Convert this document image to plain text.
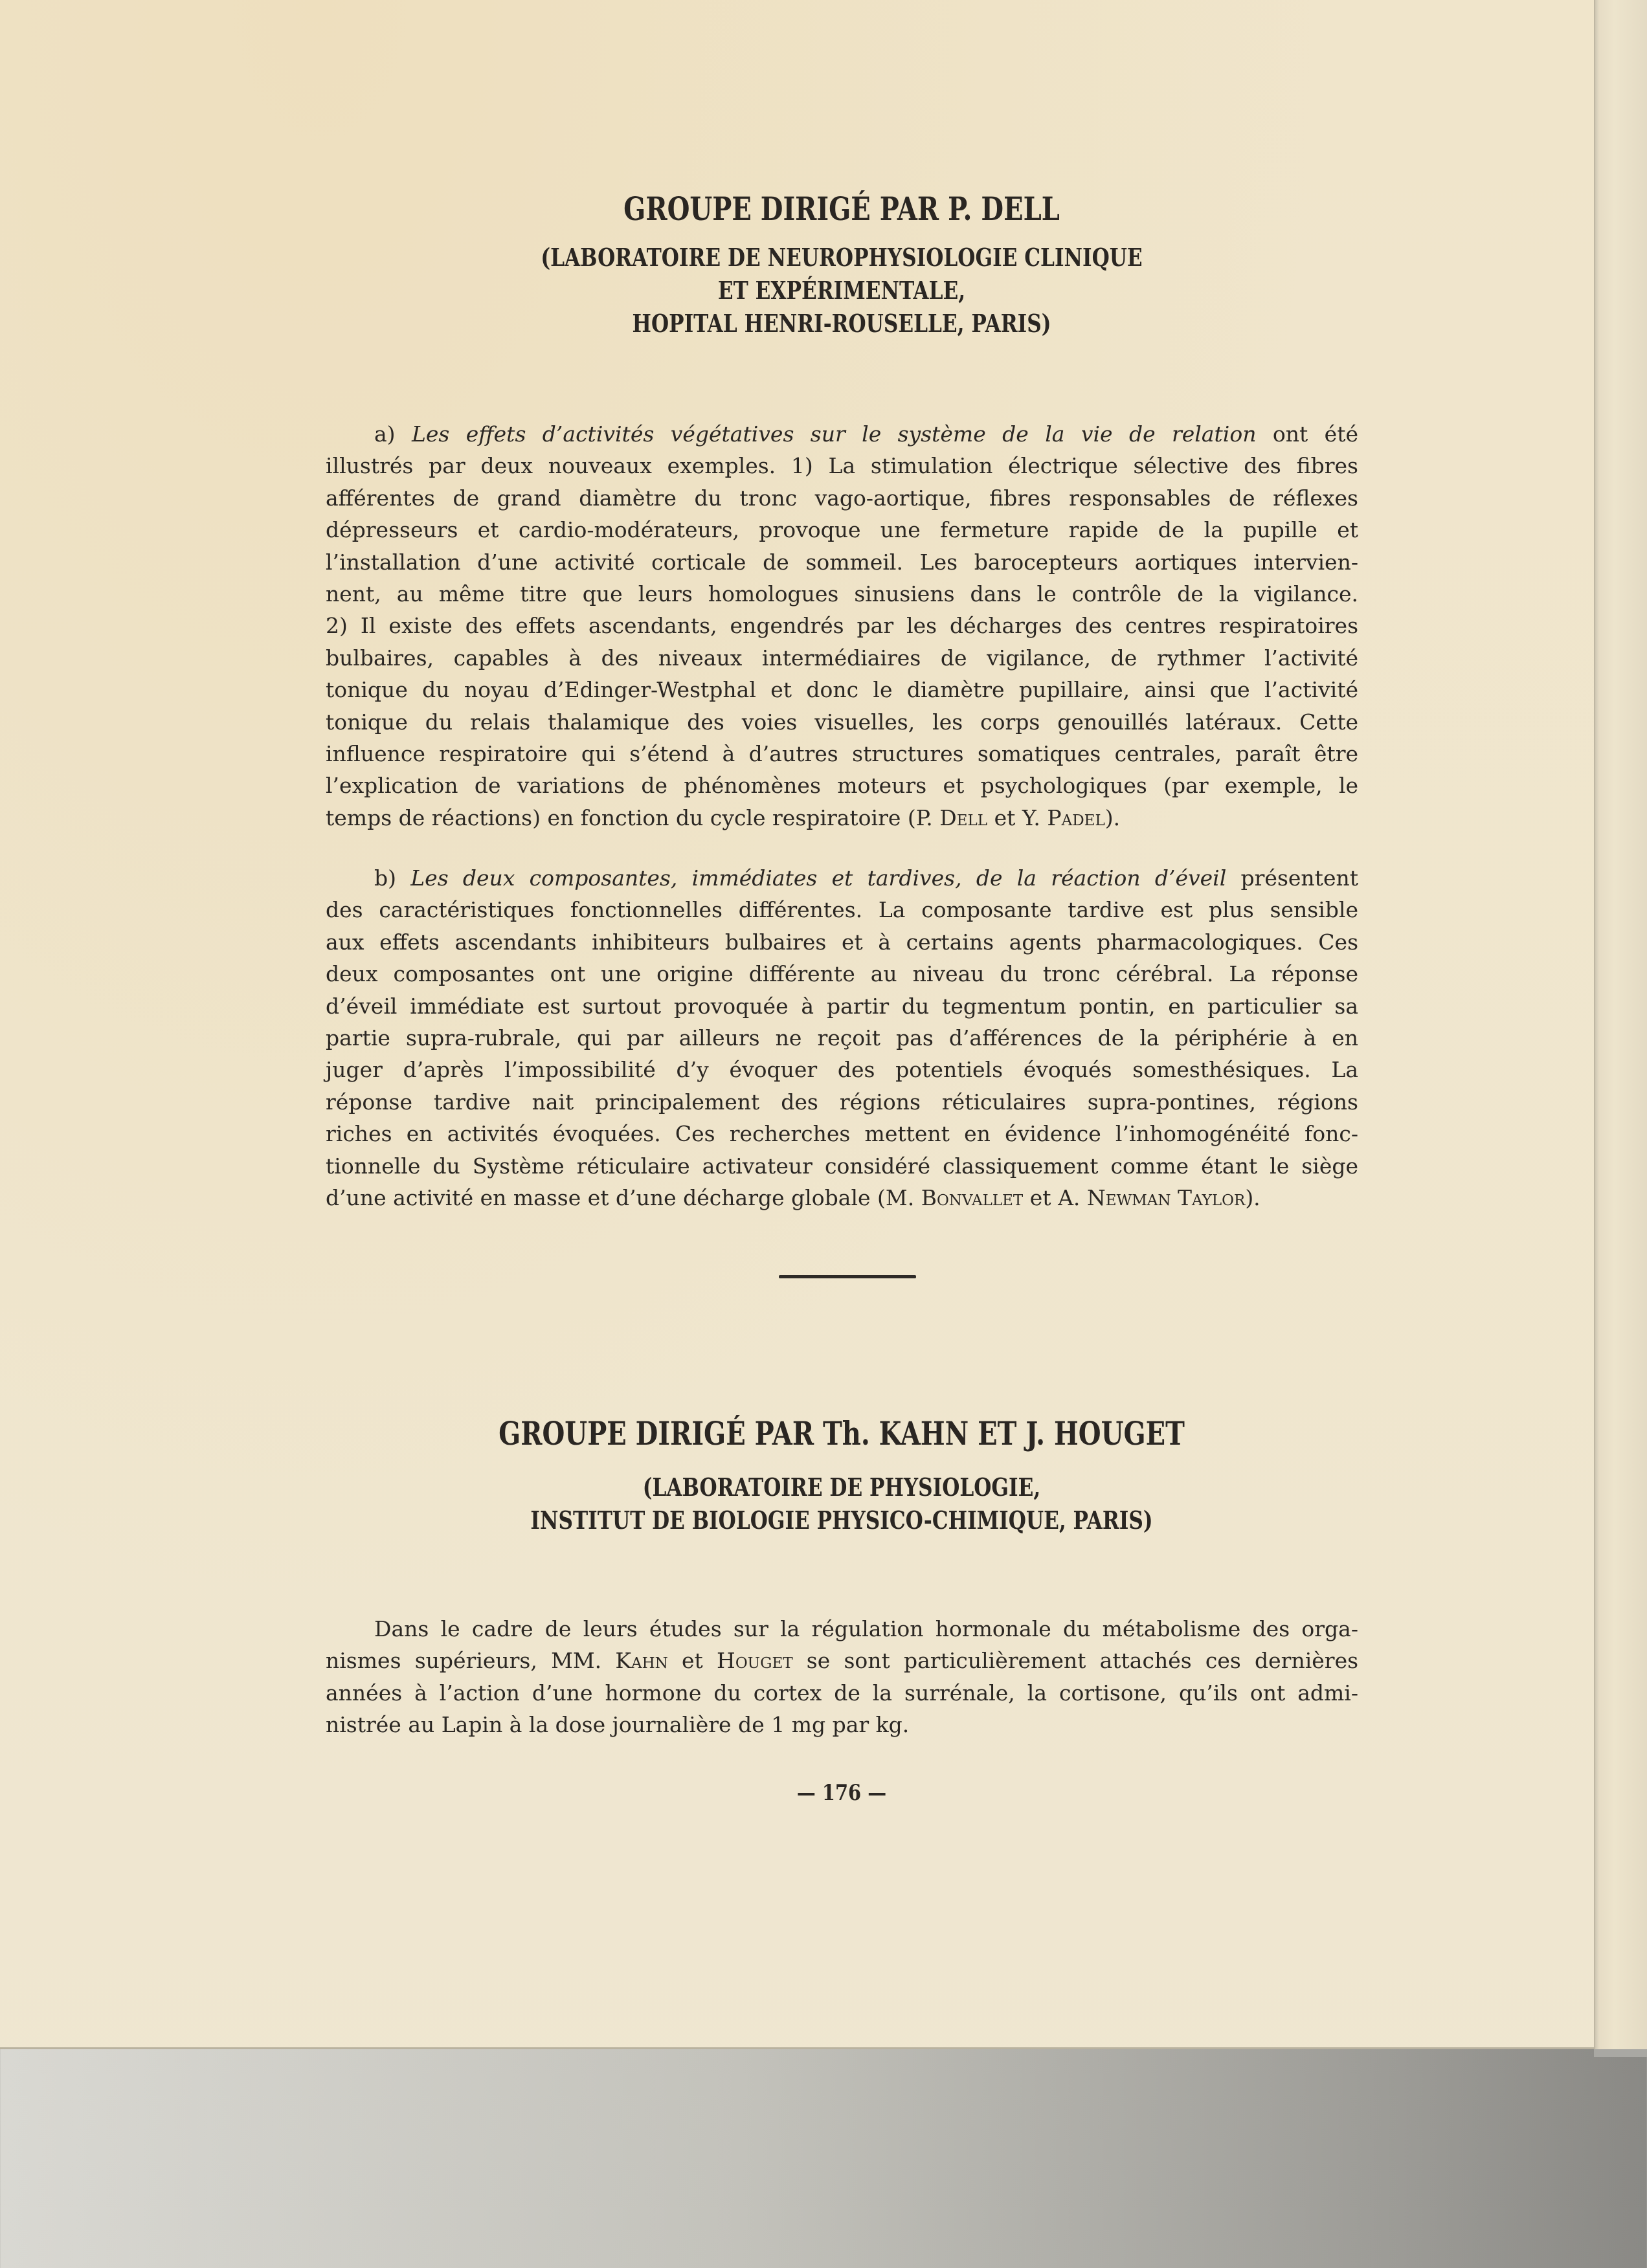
GROUPE DIRIGÉ PAR P. DELL
(LABORATOIRE DE NEUROPHYSIOLOGIE CLINIQUE
ET EXPÉRIMENTALE,
HOPITAL HENRI-ROUSELLE, PARIS)
a) Les effets d’activités végétatives sur le système de la vie de relation ont été
illustrés par deux nouveaux exemples. 1) La stimulation électrique sélective des fibres
afférentes de grand diamètre du tronc vago-aortique, fibres responsables de réflexes
dépresseurs et cardio-modérateurs, provoque une fermeture rapide de la pupille et
l’installation d’une activité corticale de sommeil. Les barocepteurs aortiques intervien-
nent, au même titre que leurs homologues sinusiens dans le contrôle de la vigilance.
2) Il existe des effets ascendants, engendrés par les décharges des centres respiratoires
bulbaires, capables à des niveaux intermédiaires de vigilance, de rythmer l’activité
tonique du noyau d’Edinger-Westphal et donc le diamètre pupillaire, ainsi que l’activité
tonique du relais thalamique des voies visuelles, les corps genouillés latéraux. Cette
influence respiratoire qui s’étend à d’autres structures somatiques centrales, paraît être
l’explication de variations de phénomènes moteurs et psychologiques (par exemple, le
temps de réactions) en fonction du cycle respiratoire (P. Dell et Y. Padel).
b) Les deux composantes, immédiates et tardives, de la réaction d’éveil présentent
des caractéristiques fonctionnelles différentes. La composante tardive est plus sensible
aux effets ascendants inhibiteurs bulbaires et à certains agents pharmacologiques. Ces
deux composantes ont une origine différente au niveau du tronc cérébral. La réponse
d’éveil immédiate est surtout provoquée à partir du tegmentum pontin, en particulier sa
partie supra-rubrale, qui par ailleurs ne reçoit pas d’afférences de la périphérie à en
juger d’après l’impossibilité d’y évoquer des potentiels évoqués somesthésiques. La
réponse tardive nait principalement des régions réticulaires supra-pontines, régions
riches en activités évoquées. Ces recherches mettent en évidence l’inhomogénéité fonc-
tionnelle du Système réticulaire activateur considéré classiquement comme étant le siège
d’une activité en masse et d’une décharge globale (M. Bonvallet et A. Newman Taylor).
GROUPE DIRIGÉ PAR Th. KAHN ET J. HOUGET
(LABORATOIRE DE PHYSIOLOGIE,
INSTITUT DE BIOLOGIE PHYSICO-CHIMIQUE, PARIS)
Dans le cadre de leurs études sur la régulation hormonale du métabolisme des orga-
nismes supérieurs, MM. Kahn et Houget se sont particulièrement attachés ces dernières
années à l’action d’une hormone du cortex de la surrénale, la cortisone, qu’ils ont admi-
nistrée au Lapin à la dose journalière de 1 mg par kg.
— 176 —
